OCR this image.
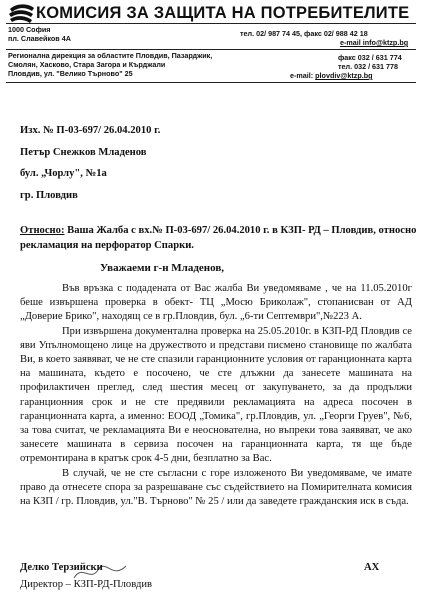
КОМИСИЯ ЗА ЗАЩИТА НА ПОТРЕБИТЕЛИТЕ
1000 София
пл. Славейков 4А
тел. 02/ 987 74 45, факс 02/ 988 42 18
e-mail info@ktzp.bg
Регионална дирекция за областите Пловдив, Пазарджик,
Смолян, Хасково, Стара Загора и Кърджали
Пловдив, ул. "Велико Търново" 25
факс 032 / 631 774
тел. 032 / 631 778
e-mail: plovdiv@ktzp.bg
Изх. № П-03-697/ 26.04.2010 г.
Петър Снежков Младенов
бул. „Чорлу", №1а
гр. Пловдив
Относно: Ваша Жалба с вх.№ П-03-697/ 26.04.2010 г. в КЗП- РД – Пловдив, относно
рекламация на перфоратор Спарки.
Уважаеми г-н Младенов,

Във връзка с подадената от Вас жалба Ви уведомяваме , че на 11.05.2010г беше извършена проверка в обект- ТЦ „Мосю Бриколаж", стопанисван от АД „Доверие Брико", находящ се в гр.Пловдив, бул. „6-ти Септември",№223 А.

При извършена документална проверка на 25.05.2010г. в КЗП-РД Пловдив се яви Упълномощено лице на дружеството и представи писмено становище по жалбата Ви, в което заявяват, че не сте спазили гаранционните условия от гаранционната карта на машината, където е посочено, че сте длъжни да занесете машината на профилактичен преглед, след шестия месец от закупуването, за да продължи гаранционния срок и не сте предявили рекламацията на адреса посочен в гаранционната карта, а именно: ЕООД „Томика", гр.Пловдив, ул. „Георги Груев", №6, за това считат, че рекламацията Ви е неоснователна, но въпреки това заявяват, че ако занесете машината в сервиза посочен на гаранционната карта, тя ще бъде отремонтирана в кратък срок 4-5 дни, безплатно за Вас.

В случай, че не сте съгласни с горе изложеното Ви уведомяваме, че имате право да отнесете спора за разрешаване със съдействието на Помирителната комисия на КЗП / гр. Пловдив, ул."В. Търново" № 25 / или да заведете гражданския иск в съда.

Делко Терзийски
Директор – КЗП-РД-Пловдив
АХ
